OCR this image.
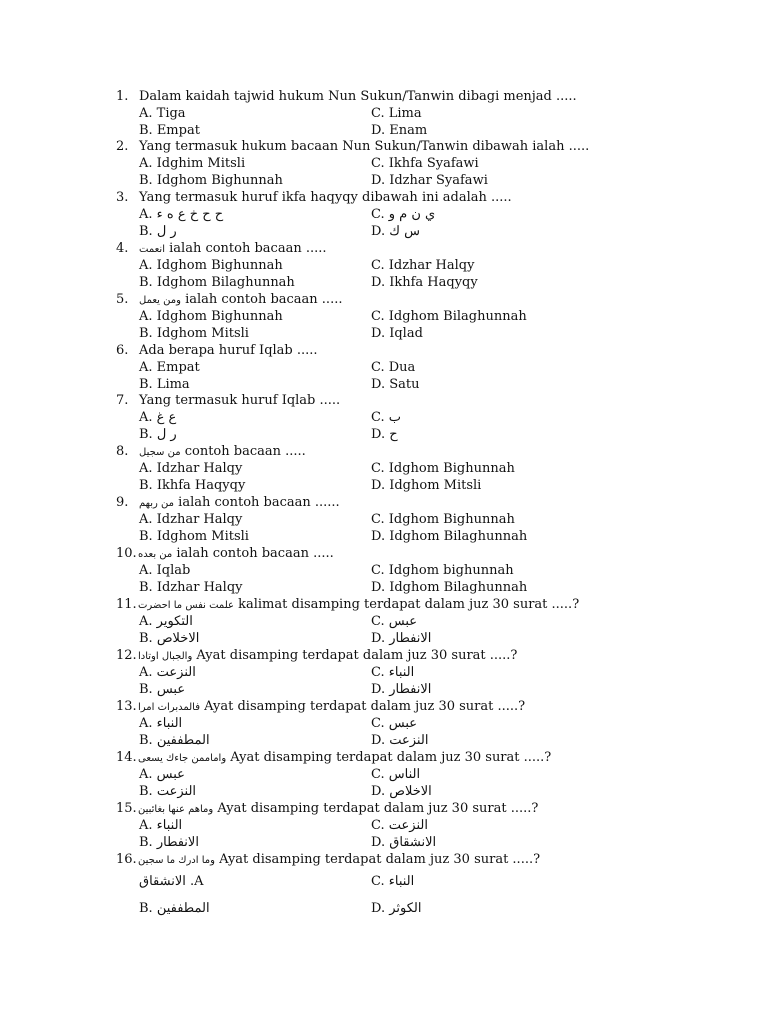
1. Dalam kaidah tajwid hukum Nun Sukun/Tanwin dibagi menjad .....
A. Tiga	C. Lima
B. Empat	D. Enam
2. Yang termasuk hukum bacaan Nun Sukun/Tanwin dibawah ialah .....
A. Idghim Mitsli	C. Ikhfa Syafawi
B. Idghom Bighunnah	D. Idzhar Syafawi
3. Yang termasuk huruf ikfa haqyqy dibawah ini adalah .....
A. ح ح خ ع ه ء	C. ي ن م و
B. ر ل	D. س ك
4. انعمت ialah contoh bacaan .....
A. Idghom Bighunnah	C. Idzhar Halqy
B. Idghom Bilaghunnah	D. Ikhfa Haqyqy
5. ومن يعمل ialah contoh bacaan .....
A. Idghom Bighunnah	C. Idghom Bilaghunnah
B. Idghom Mitsli	D. Iqlad
6. Ada berapa huruf Iqlab .....
A. Empat	C. Dua
B. Lima	D. Satu
7. Yang termasuk huruf Iqlab .....
A. ع غ	C. ب
B. ر ل	D. ح
8. من سجيل contoh bacaan .....
A. Idzhar Halqy	C. Idghom Bighunnah
B. Ikhfa Haqyqy	D. Idghom Mitsli
9. من ربهم ialah contoh bacaan ......
A. Idzhar Halqy	C. Idghom Bighunnah
B. Idghom Mitsli	D. Idghom Bilaghunnah
10.من بعده ialah contoh bacaan .....
A. Iqlab	C. Idghom bighunnah
B. Idzhar Halqy	D. Idghom Bilaghunnah
11.علمت نفس ما احضرت kalimat disamping terdapat dalam juz 30 surat .....?
A. التكوير	C. عبس
B. الاخلاص	D. الانفطار
12.والجبال اوتادا Ayat disamping terdapat dalam juz 30 surat .....?
A. النزعت	C. النباء
B. عبس	D. الانفطار
13.فالمدبرات امرا Ayat disamping terdapat dalam juz 30 surat .....?
A. النباء	C. عبس
B. المطففين	D. النزعت
14.واماممن جاءك يسعى Ayat disamping terdapat dalam juz 30 surat .....?
A. عبس	C. الناس
B. النزعت	D. الاخلاص
15.وماهم عنها بغائبين Ayat disamping terdapat dalam juz 30 surat .....?
A. النباء	C. النزعت
B. الانفطار	D. الانشقاق
16.وما ادرك ما سجين Ayat disamping terdapat dalam juz 30 surat .....?
الانشقاق .A	C. النباء
B. المطففين	D. الكوثر
